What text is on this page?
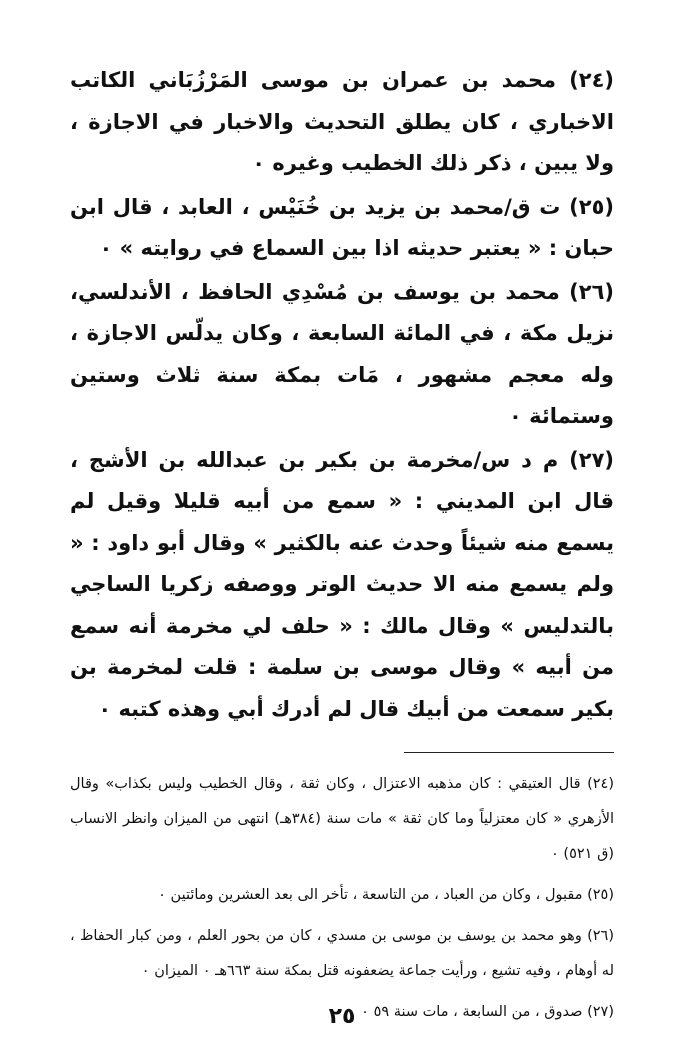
(٢٤) محمد بن عمران بن موسى المَرْزُبَاني الكاتب الاخباري ، كان يطلق التحديث والاخبار في الاجازة ، ولا يبين ، ذكر ذلك الخطيب وغيره ٠

(٢٥) ت ق/محمد بن يزيد بن خُنَيْس ، العابد ، قال ابن حبان : « يعتبر حديثه اذا بين السماع في روايته » ٠

(٢٦) محمد بن يوسف بن مُسْدِي الحافظ ، الأندلسي، نزيل مكة ، في المائة السابعة ، وكان يدلّس الاجازة ، وله معجم مشهور ، مَات بمكة سنة ثلاث وستين وستمائة ٠

(٢٧) م د س/مخرمة بن بكير بن عبدالله بن الأشج ، قال ابن المديني : « سمع من أبيه قليلا وقيل لم يسمع منه شيئاً وحدث عنه بالكثير » وقال أبو داود : « ولم يسمع منه الا حديث الوتر ووصفه زكريا الساجي بالتدليس » وقال مالك : « حلف لي مخرمة أنه سمع من أبيه » وقال موسى بن سلمة : قلت لمخرمة بن بكير سمعت من أبيك قال لم أدرك أبي وهذه كتبه ٠

(٢٤) قال العتيقي : كان مذهبه الاعتزال ، وكان ثقة ، وقال الخطيب وليس بكذاب» وقال الأزهري « كان معتزلياً وما كان ثقة » مات سنة (٣٨٤هـ) انتهى من الميزان وانظر الانساب (ق ٥٢١) ٠

(٢٥) مقبول ، وكان من العباد ، من التاسعة ، تأخر الى بعد العشرين ومائتين ٠

(٢٦) وهو محمد بن يوسف بن موسى بن مسدي ، كان من بحور العلم ، ومن كبار الحفاظ ، له أوهام ، وفيه تشيع ، ورأيت جماعة يضعفونه قتل بمكة سنة ٦٦٣هـ ٠ الميزان ٠

(٢٧) صدوق ، من السابعة ، مات سنة ٥٩ ٠

٢٥
